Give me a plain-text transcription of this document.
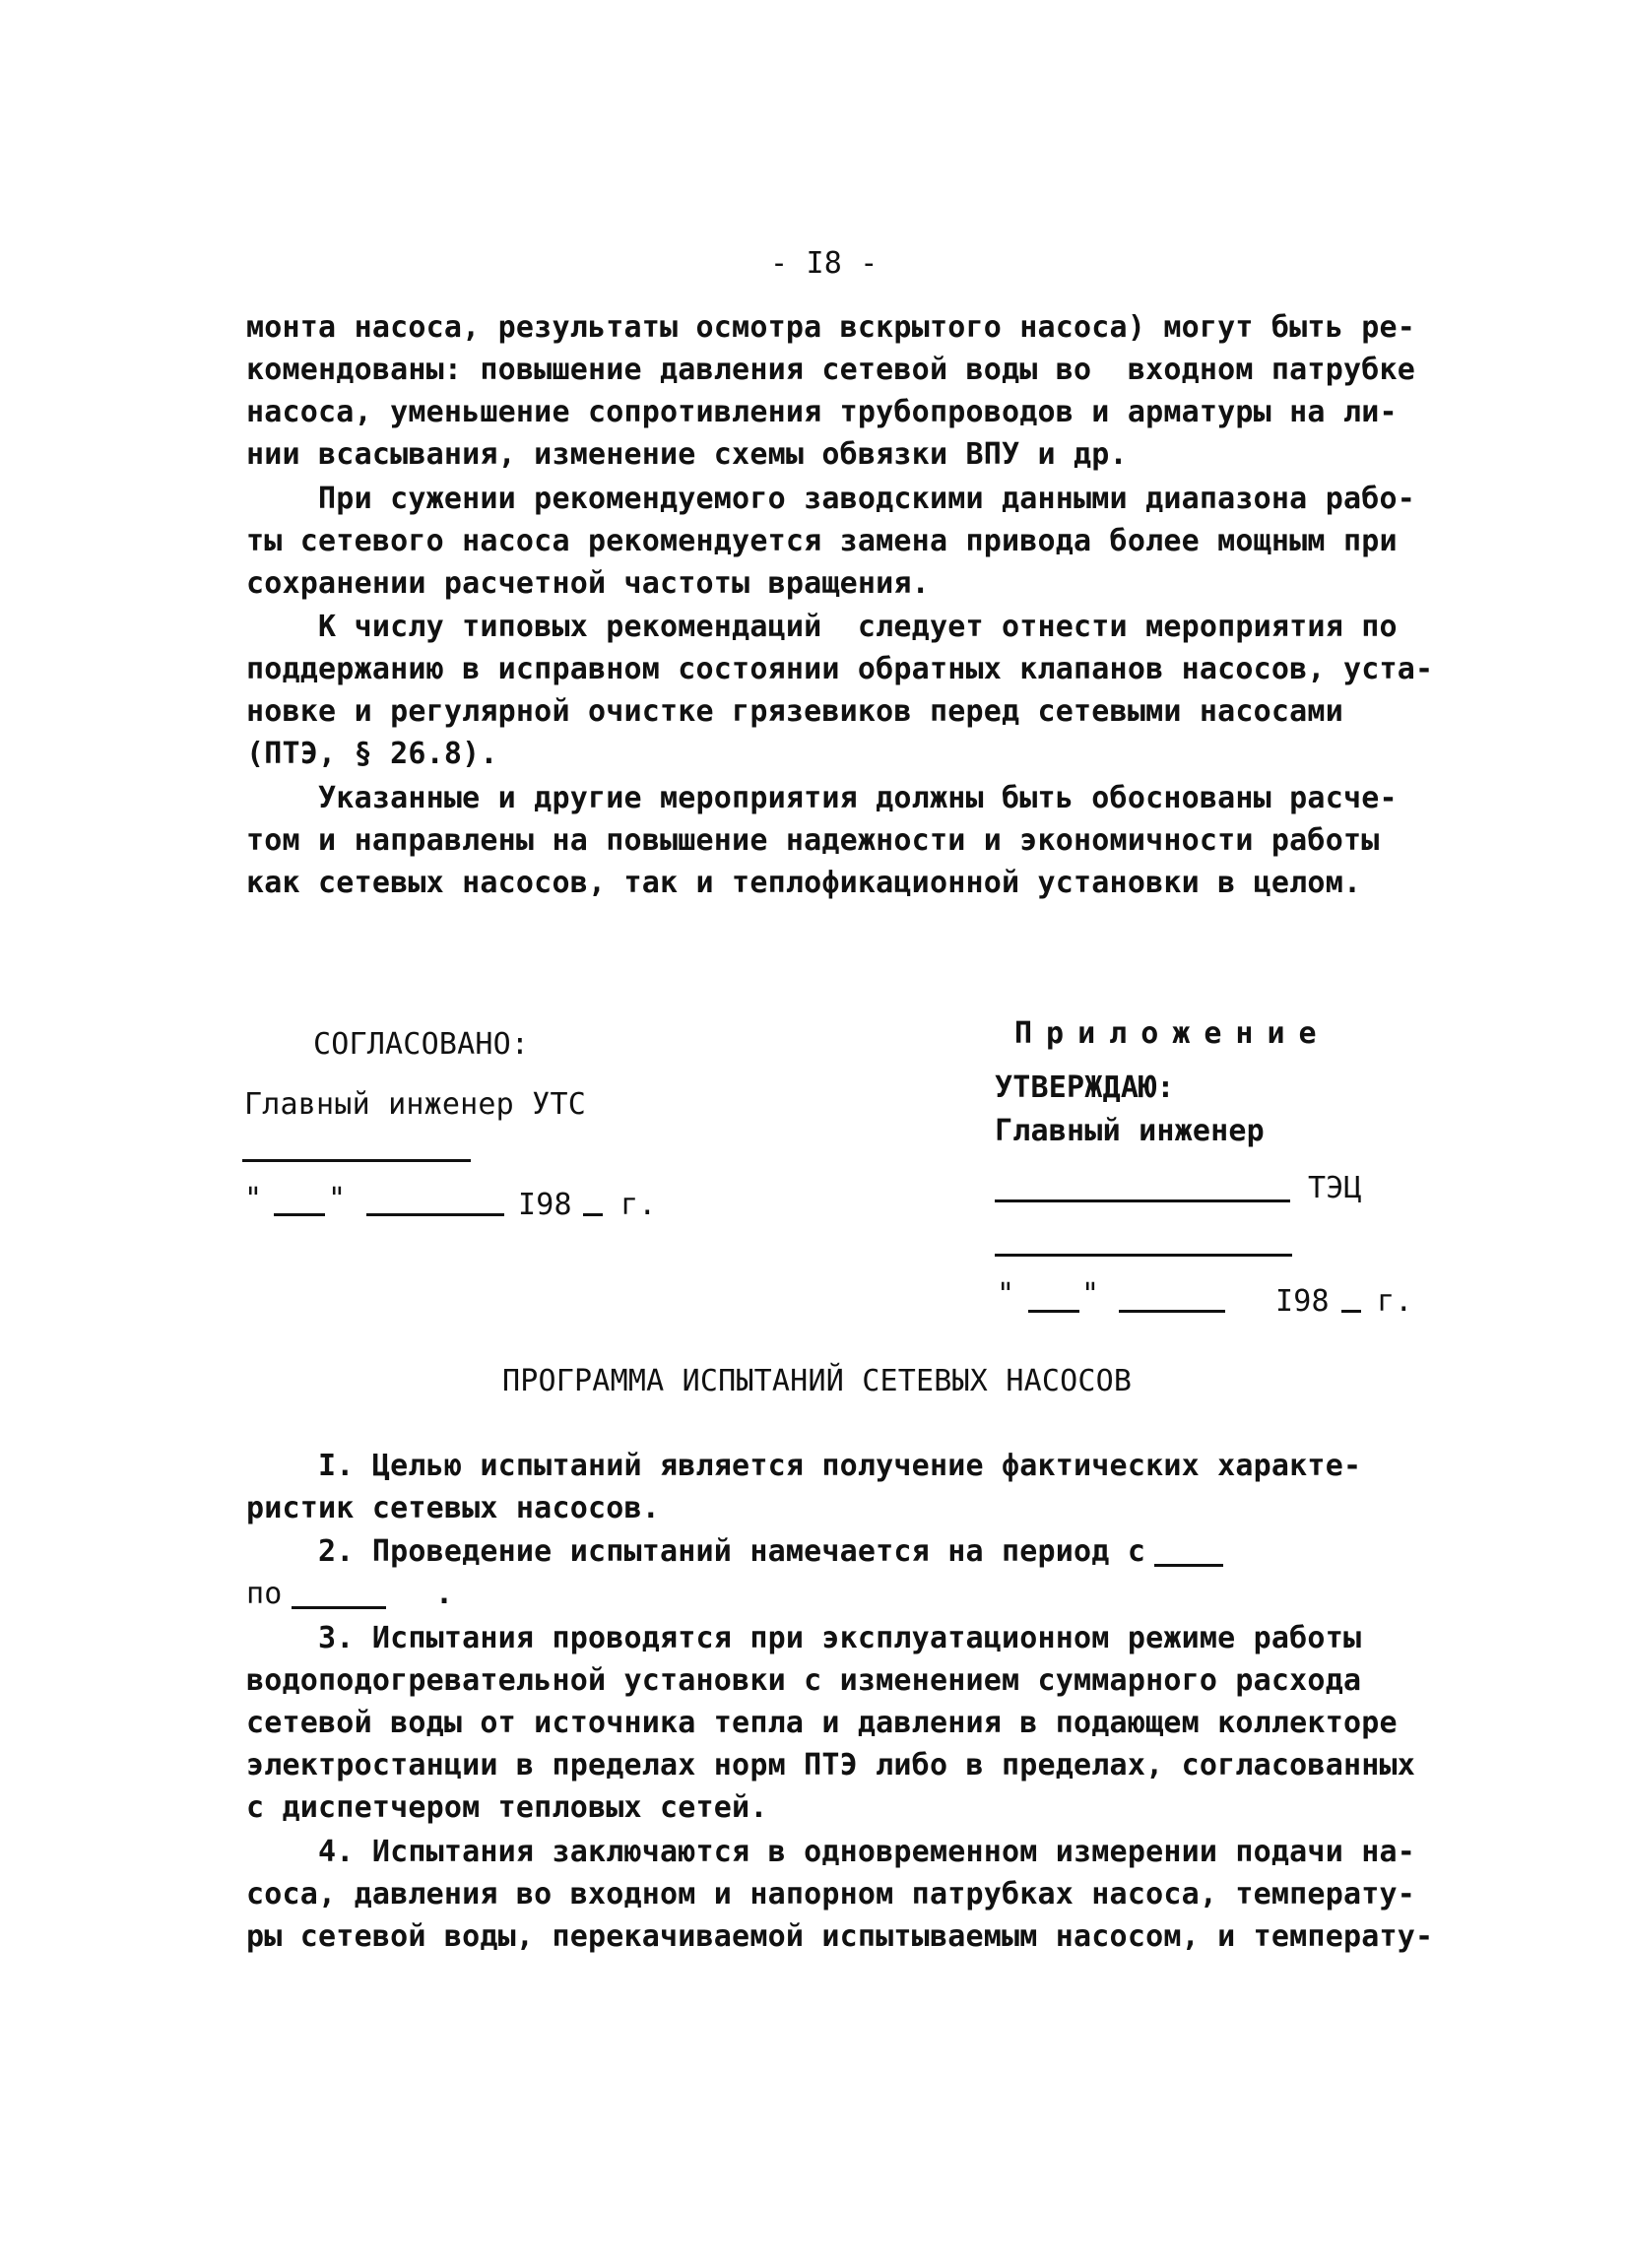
- I8 -
монта насоса, результаты осмотра вскрытого насоса) могут быть ре-
комендованы: повышение давления сетевой воды во  входном патрубке
насоса, уменьшение сопротивления трубопроводов и арматуры на ли-
нии всасывания, изменение схемы обвязки ВПУ и др.
При сужении рекомендуемого заводскими данными диапазона рабо-
ты сетевого насоса рекомендуется замена привода более мощным при
сохранении расчетной частоты вращения.
К числу типовых рекомендаций  следует отнести мероприятия по
поддержанию в исправном состоянии обратных клапанов насосов, уста-
новке и регулярной очистке грязевиков перед сетевыми насосами
(ПТЭ, § 26.8).
Указанные и другие мероприятия должны быть обоснованы расче-
том и направлены на повышение надежности и экономичности работы
как сетевых насосов, так и теплофикационной установки в целом.
СОГЛАСОВАНО:
Главный инженер УТС
" "	I98 г.
Приложение
УТВЕРЖДАЮ:
Главный инженер
ТЭЦ
" "	I98 г.
ПРОГРАММА ИСПЫТАНИЙ СЕТЕВЫХ НАСОСОВ
I. Целью испытаний является получение фактических характе-
ристик сетевых насосов.
2. Проведение испытаний намечается на период с
по	.
3. Испытания проводятся при эксплуатационном режиме работы
водоподогревательной установки с изменением суммарного расхода
сетевой воды от источника тепла и давления в подающем коллекторе
электростанции в пределах норм ПТЭ либо в пределах, согласованных
с диспетчером тепловых сетей.
4. Испытания заключаются в одновременном измерении подачи на-
соса, давления во входном и напорном патрубках насоса, температу-
ры сетевой воды, перекачиваемой испытываемым насосом, и температу-
